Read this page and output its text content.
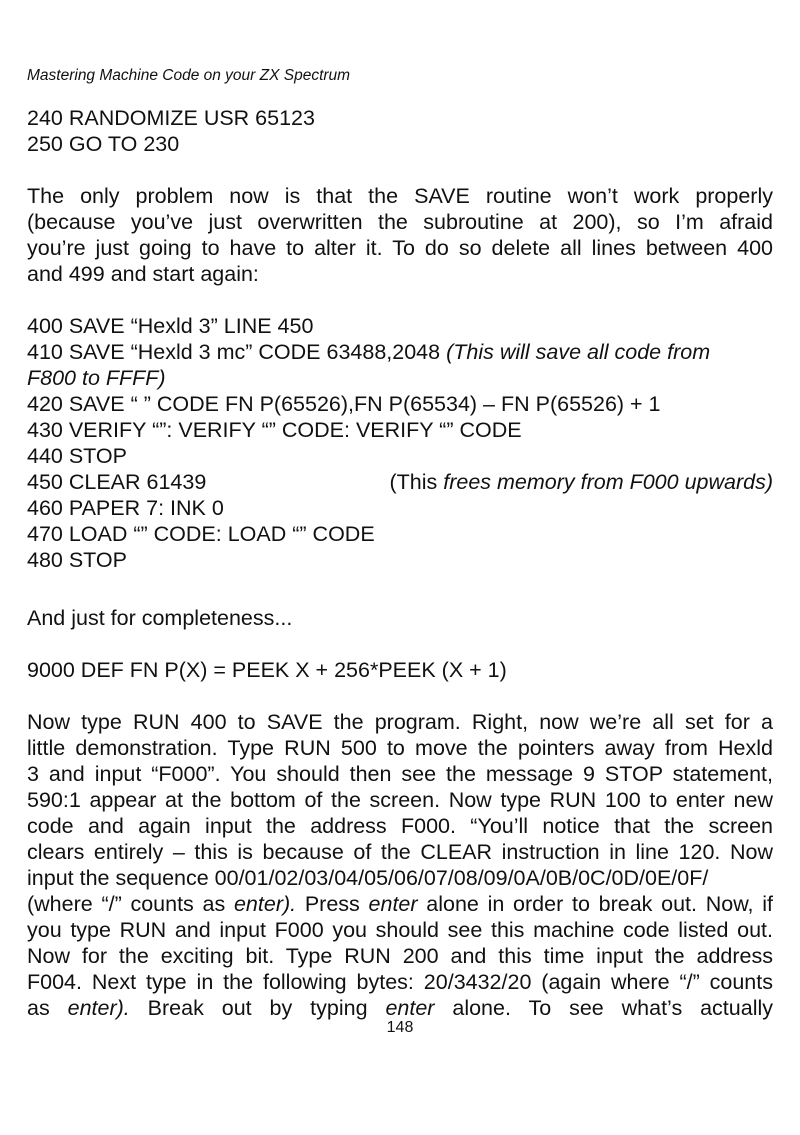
Mastering Machine Code on your ZX Spectrum
240 RANDOMIZE USR 65123
250 GO TO 230
The only problem now is that the SAVE routine won’t work properly
(because you’ve just overwritten the subroutine at 200), so I’m afraid
you’re just going to have to alter it. To do so delete all lines between 400
and 499 and start again:
400 SAVE “Hexld 3” LINE 450
410 SAVE “Hexld 3 mc” CODE 63488,2048 (This will save all code from
F800 to FFFF)
420 SAVE “ ” CODE FN P(65526),FN P(65534) – FN P(65526) + 1
430 VERIFY “”: VERIFY “” CODE: VERIFY “” CODE
440 STOP
450 CLEAR 61439	(This frees memory from F000 upwards)
460 PAPER 7: INK 0
470 LOAD “” CODE: LOAD “” CODE
480 STOP
And just for completeness...
9000 DEF FN P(X) = PEEK X + 256*PEEK (X + 1)
Now type RUN 400 to SAVE the program. Right, now we’re all set for a
little demonstration. Type RUN 500 to move the pointers away from Hexld
3 and input “F000”. You should then see the message 9 STOP statement,
590:1 appear at the bottom of the screen. Now type RUN 100 to enter new
code and again input the address F000. “You’ll notice that the screen
clears entirely – this is because of the CLEAR instruction in line 120. Now
input the sequence 00/01/02/03/04/05/06/07/08/09/0A/0B/0C/0D/0E/0F/
(where “/” counts as enter). Press enter alone in order to break out. Now, if
you type RUN and input F000 you should see this machine code listed out.
Now for the exciting bit. Type RUN 200 and this time input the address
F004. Next type in the following bytes: 20/3432/20 (again where “/” counts
as enter). Break out by typing enter alone. To see what’s actually
148
